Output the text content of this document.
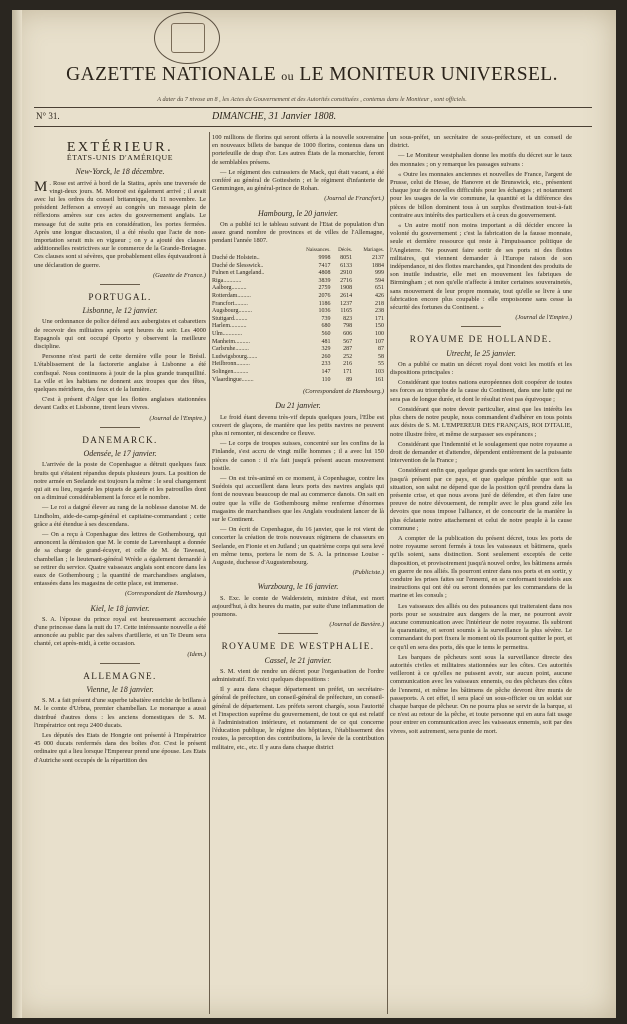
GAZETTE NATIONALE ou LE MONITEUR UNIVERSEL.
A dater du 7 nivose an 8 , les Actes du Gouvernement et des Autorités constituées , contenus dans le Moniteur , sont officiels.
N° 31.	DIMANCHE, 31 Janvier 1808.
EXTÉRIEUR.
ÉTATS-UNIS D'AMÉRIQUE
New-Yorck, le 18 décembre.

M . Rose est arrivé à bord de la Statira, après une traversée de vingt-deux jours. M. Monroë est également arrivé ; il avait avec lui les ordres du conseil britannique, du 11 novembre. Le président Jefferson a envoyé au congrès un message plein de réflexions amères sur ces actes du gouvernement anglais. Le message fut de suite pris en considération, les portes fermées. Après une longue discussion, il a été résolu que l'acte de non-importation serait mis en vigueur ; on y a ajouté des clauses additionnelles restrictives sur le commerce de la Grande-Bretagne. Ces clauses sont si sévères, que probablement elles équivaudront à une déclaration de guerre.

(Gazette de France.)
PORTUGAL.
Lisbonne, le 12 janvier.

Une ordonnance de police défend aux aubergistes et cabaretiers de recevoir des militaires après sept heures du soir. Les 4000 Espagnols qui ont occupé Oporto y observent la meilleure discipline.

Personne n'est parti de cette dernière ville pour le Brésil. L'établissement de la factorerie anglaise à Lisbonne a été confisqué. Nous continuons à jouir de la plus grande tranquillité. La ville et les habitans ne donnent aux troupes que des fêtes, quelques méridiens, des feux et de la lumière.

C'est à présent d'Alger que les flottes anglaises stationnées devant Cadix et Lisbonne, tirent leurs vivres.

(Journal de l'Empire.)
DANEMARCK.
Odensée, le 17 janvier.

L'arrivée de la poste de Copenhague a détruit quelques faux bruits qui s'étaient répandus depuis plusieurs jours. La position de notre armée en Seelande est toujours la même : le seul changement qui ait eu lieu, regarde les piquets de garde et les patrouilles dont on a diminué considérablement la force et le nombre.

— Le roi a daigné élever au rang de la noblesse danoise M. de Lindholm, aide-de-camp-général et capitaine-commandant ; cette grâce a été étendue à ses descendans.

— On a reçu à Copenhague des lettres de Gothembourg, qui annoncent la démission que M. le comte de Lævenhaupt a donnée de sa charge de grand-écuyer, et celle de M. de Taweast, chambellan ; le lieutenant-général Wrède a également demandé à se retirer du service. Quatre vaisseaux anglais sont encore dans les eaux de Gothembourg ; la quantité de marchandises anglaises, entassées dans les magasins de cette place, est immense.

(Correspondant de Hambourg.)
Kiel, le 18 janvier.

S. A. l'épouse du prince royal est heureusement accouchée d'une princesse dans la nuit du 17. Cette intéressante nouvelle a été annoncée au public par des salves d'artillerie, et un Te Deum sera chanté, cet après-midi, à cette occasion.

(Idem.)
ALLEMAGNE.
Vienne, le 18 janvier.

S. M. a fait présent d'une superbe tabatière enrichie de brillans à M. le comte d'Urbna, premier chambellan. Le monarque a aussi distribué d'autres dons : les anciens domestiques de S. M. l'impératrice ont reçu 2400 ducats.

Les députés des Etats de Hongrie ont présenté à l'Impératrice 45 000 ducats renfermés dans des boîtes d'or. C'est le présent ordinaire qui a lieu lorsque l'Empereur prend une épouse. Les Etats d'Autriche sont occupés de la répartition des

100 millions de florins qui seront offerts à la nouvelle souveraine en nouveaux billets de banque de 1000 florins, contenus dans un portefeuille de drap d'or. Les autres États de la monarchie, feront de semblables présens.

— Le régiment des cuirassiers de Mack, qui était vacant, a été conféré au général de Gotteshein ; et le régiment d'infanterie de Gemmingen, au général-prince de Rohan.

(Journal de Francfort.)
Hambourg, le 20 janvier.

On a publié ici le tableau suivant de l'Etat de population d'un assez grand nombre de provinces et de villes de l'Allemagne, pendant l'année 1807.

	Naissances.	Décès.	Mariages.
Duché de Holstein..	9998	8051	2137
Duché de Slesswick..	7417	6133	1884
Fulnen et Langeland..	4808	2910	999
Riga............	3839	2716	594
Aalborg..........	2759	1908	651
Rotterdam.........	2076	2614	426
Francfort.........	1186	1237	218
Augsbourg.........	1036	1165	238
Stuttgard.........	739	823	171
Harlem...........	680	798	150
Ulm.............	560	606	100
Manheim..........	481	567	107
Carlsruhe.........	329	287	87
Ludwigsbourg.......	260	252	58
Heilbronn.........	233	216	55
Solingen..........	147	171	103
Vlaardingue........	110	89	161
(Correspondant de Hambourg.)
Du 21 janvier.

Le froid étant devenu très-vif depuis quelques jours, l'Elbe est couvert de glaçons, de manière que les petits navires ne peuvent plus ni remonter, ni descendre ce fleuve.

— Le corps de troupes suisses, concentré sur les confins de la Finlande, s'est accru de vingt mille hommes ; il a avec lui 150 pièces de canon : il n'a fait jusqu'à présent aucun mouvement hostile.

— On est très-animé en ce moment, à Copenhague, contre les Suédois qui accueillent dans leurs ports des navires anglais qui font de nouveau beaucoup de mal au commerce danois. On sait en outre que la ville de Gothembourg même renferme d'énormes magasins de marchandises que les Anglais voudraient lancer de là sur le Continent.

— On écrit de Copenhague, du 16 janvier, que le roi vient de concerter la création de trois nouveaux régimens de chasseurs en Seelande, en Fionie et en Jutland ; un quatrième corps qui sera levé en même tems, portera le nom de S. A. la princesse Louise - Auguste, duchesse d'Augustembourg.

(Publiciste.)
Wurzbourg, le 16 janvier.

S. Exc. le comte de Walderstein, ministre d'état, est mort aujourd'hui, à dix heures du matin, par suite d'une inflammation de poumons.

(Journal de Bavière.)
ROYAUME DE WESTPHALIE.
Cassel, le 21 janvier.

S. M. vient de rendre un décret pour l'organisation de l'ordre administratif. En voici quelques dispositions :

Il y aura dans chaque département un préfet, un secrétaire-général de préfecture, un conseil-général de préfecture, un conseil-général de département. Les préfets seront chargés, sous l'autorité et l'inspection suprême du gouvernement, de tout ce qui est relatif à l'administration intérieure, et notamment de ce qui concerne l'éducation publique, le régime des hôpitaux, l'établissement des routes, la perception des contributions, la levée de la contribution militaire, etc., etc. Il y aura dans chaque district

un sous-préfet, un secrétaire de sous-préfecture, et un conseil de district.

— Le Moniteur westphalien donne les motifs du décret sur le taux des monnaies ; on y remarque les passages suivans :

« Outre les monnaies anciennes et nouvelles de France, l'argent de Prusse, celui de Hesse, de Hanovre et de Brunswick, etc., présentent chaque jour de nouvelles difficultés pour les échanges ; et notamment pour les usages de la vie commune, la quantité et la différence des pièces de billon dominent tous à un surplus d'estimation tout-à-fait contraire aux intérêts des particuliers et à ceux du gouvernement.

« Un autre motif non moins important a dû décider encore la volonté du gouvernement ; c'est la fabrication de la fausse monnaie, seule et dernière ressource qui reste à l'impuissance politique de l'Angleterre. Ne pouvant faire sortir de ses ports ni des flottes militaires, qui viennent demander à l'Europe raison de son indépendance, ni des flottes marchandes, qui l'inondent des produits de son inutile industrie, elle met en mouvement les fabriques de Birmingham ; et non qu'elle n'affecte à imiter certaines souverainetés, sans mouvement de leur propre monnaie, tout qu'elle se livre à une fabrication encore plus coupable : elle empoisonne sans cesse la sécurité des fortunes du Continent. »

(Journal de l'Empire.)
ROYAUME DE HOLLANDE.
Utrecht, le 25 janvier.

On a publié ce matin un décret royal dont voici les motifs et les dispositions principales :

Considérant que toutes nations européennes doit coopérer de toutes ses forces au triomphe de la cause du Continent, dans une lutte qui ne sera pas de longue durée, et dont le résultat n'est pas équivoque ;

Considérant que notre devoir particulier, ainsi que les intérêts les plus chers de notre peuple, nous commandent d'adhérer en tous points aux désirs de S. M. L'EMPEREUR DES FRANÇAIS, ROI D'ITALIE, notre illustre frère, et même de surpasser ses espérances ;

Considérant que l'indemnité et le soulagement que notre royaume a droit de demander et d'attendre, dépendent entièrement de la puissante intervention de la France ;

Considérant enfin que, quelque grands que soient les sacrifices faits jusqu'à présent par ce pays, et que quelque pénible que soit sa situation, son salut ne dépend que de la position qu'il prendra dans la présente crise, et que nous avons juré de défendre, et d'en faire une preuve de notre dévouement, de remplir avec le plus grand zèle les devoirs que nous impose l'alliance, et de concourir de la manière la plus éclatante notre attachement et celui de notre peuple à la cause commune ;

A compter de la publication du présent décret, tous les ports de notre royaume seront fermés à tous les vaisseaux et bâtimens, quels qu'ils soient, sans distinction. Sont seulement exceptés de cette disposition, et provisoirement jusqu'à nouvel ordre, les bâtimens armés en guerre de nos alliés. Ils pourront entrer dans nos ports et en sortir, y conduire les prises faites sur l'ennemi, en se conformant toutefois aux instructions qui ont été ou seront données par les commandans de la marine et les consuls ;

Les vaisseaux des alliés ou des puissances qui traiteraient dans nos ports pour se soustraire aux dangers de la mer, ne pourront avoir aucune communication avec l'intérieur de notre royaume. Ils subiront la quarantaine, et seront soumis à la surveillance la plus sévère. Le commandant du port fixera le moment où ils pourront quitter le port, et ce qu'il en sera des ports, dès que le tems le permettra.

Les barques de pêcheurs sont sous la surveillance directe des autorités civiles et militaires stationnées sur les côtes. Ces autorités veilleront à ce qu'elles ne puissent avoir, sur aucun point, aucune communication avec les vaisseaux ennemis, ou des pêcheurs des côtes de l'ennemi, et même les bâtimens de pêche devront être munis de passeports. A cet effet, il sera placé un sous-officier ou un soldat sur chaque barque de pêcheur. On ne pourra plus se servir de la barque, si ce n'est au retour de la pêche, et toute personne qui en aura fait usage pour entrer en communication avec les vaisseaux ennemis, soit par des vivres, soit autrement, sera punie de mort.
